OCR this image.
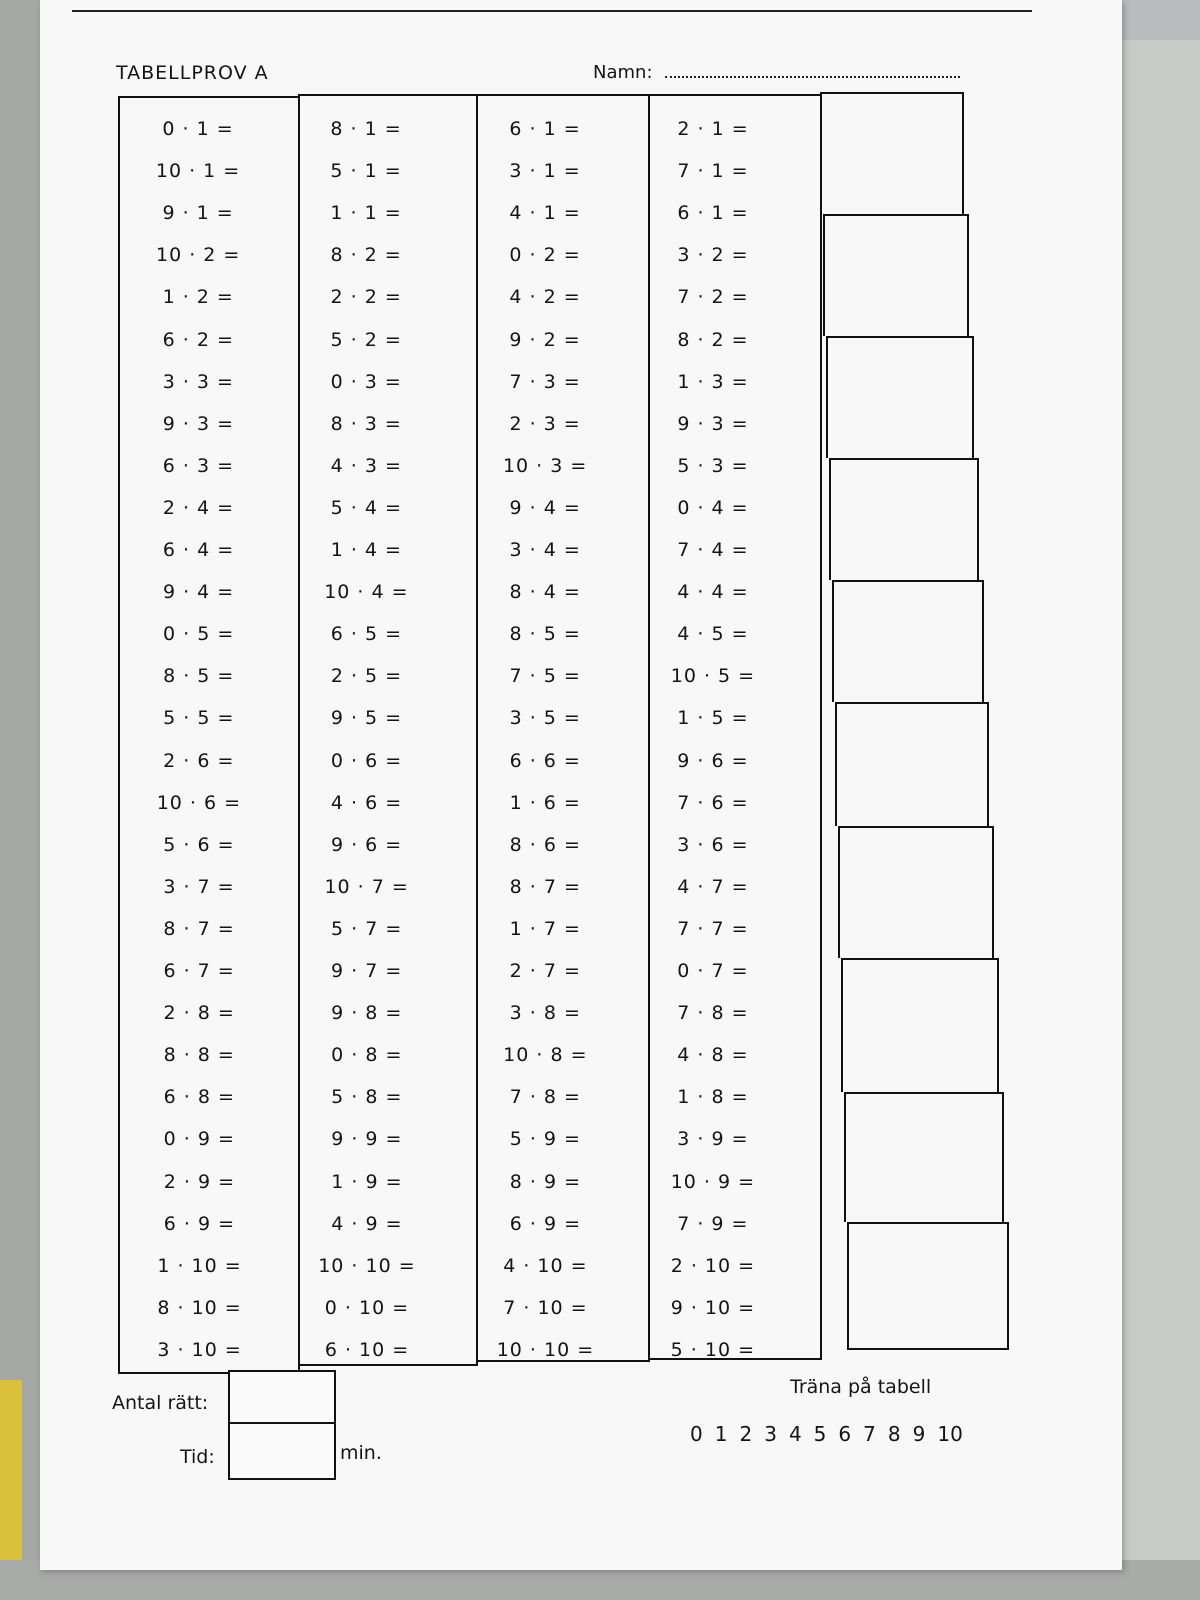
TABELLPROV A	Namn:
0 · 1 =
10 · 1 =
9 · 1 =
10 · 2 =
1 · 2 =
6 · 2 =
3 · 3 =
9 · 3 =
6 · 3 =
2 · 4 =
6 · 4 =
9 · 4 =
0 · 5 =
8 · 5 =
5 · 5 =
2 · 6 =
10 · 6 =
5 · 6 =
3 · 7 =
8 · 7 =
6 · 7 =
2 · 8 =
8 · 8 =
6 · 8 =
0 · 9 =
2 · 9 =
6 · 9 =
1 · 10 =
8 · 10 =
3 · 10 =
8 · 1 =
5 · 1 =
1 · 1 =
8 · 2 =
2 · 2 =
5 · 2 =
0 · 3 =
8 · 3 =
4 · 3 =
5 · 4 =
1 · 4 =
10 · 4 =
6 · 5 =
2 · 5 =
9 · 5 =
0 · 6 =
4 · 6 =
9 · 6 =
10 · 7 =
5 · 7 =
9 · 7 =
9 · 8 =
0 · 8 =
5 · 8 =
9 · 9 =
1 · 9 =
4 · 9 =
10 · 10 =
0 · 10 =
6 · 10 =
6 · 1 =
3 · 1 =
4 · 1 =
0 · 2 =
4 · 2 =
9 · 2 =
7 · 3 =
2 · 3 =
10 · 3 =
9 · 4 =
3 · 4 =
8 · 4 =
8 · 5 =
7 · 5 =
3 · 5 =
6 · 6 =
1 · 6 =
8 · 6 =
8 · 7 =
1 · 7 =
2 · 7 =
3 · 8 =
10 · 8 =
7 · 8 =
5 · 9 =
8 · 9 =
6 · 9 =
4 · 10 =
7 · 10 =
10 · 10 =
2 · 1 =
7 · 1 =
6 · 1 =
3 · 2 =
7 · 2 =
8 · 2 =
1 · 3 =
9 · 3 =
5 · 3 =
0 · 4 =
7 · 4 =
4 · 4 =
4 · 5 =
10 · 5 =
1 · 5 =
9 · 6 =
7 · 6 =
3 · 6 =
4 · 7 =
7 · 7 =
0 · 7 =
7 · 8 =
4 · 8 =
1 · 8 =
3 · 9 =
10 · 9 =
7 · 9 =
2 · 10 =
9 · 10 =
5 · 10 =
Antal rätt:
Tid:	min.
Träna på tabell
0 1 2 3 4 5 6 7 8 9 10
